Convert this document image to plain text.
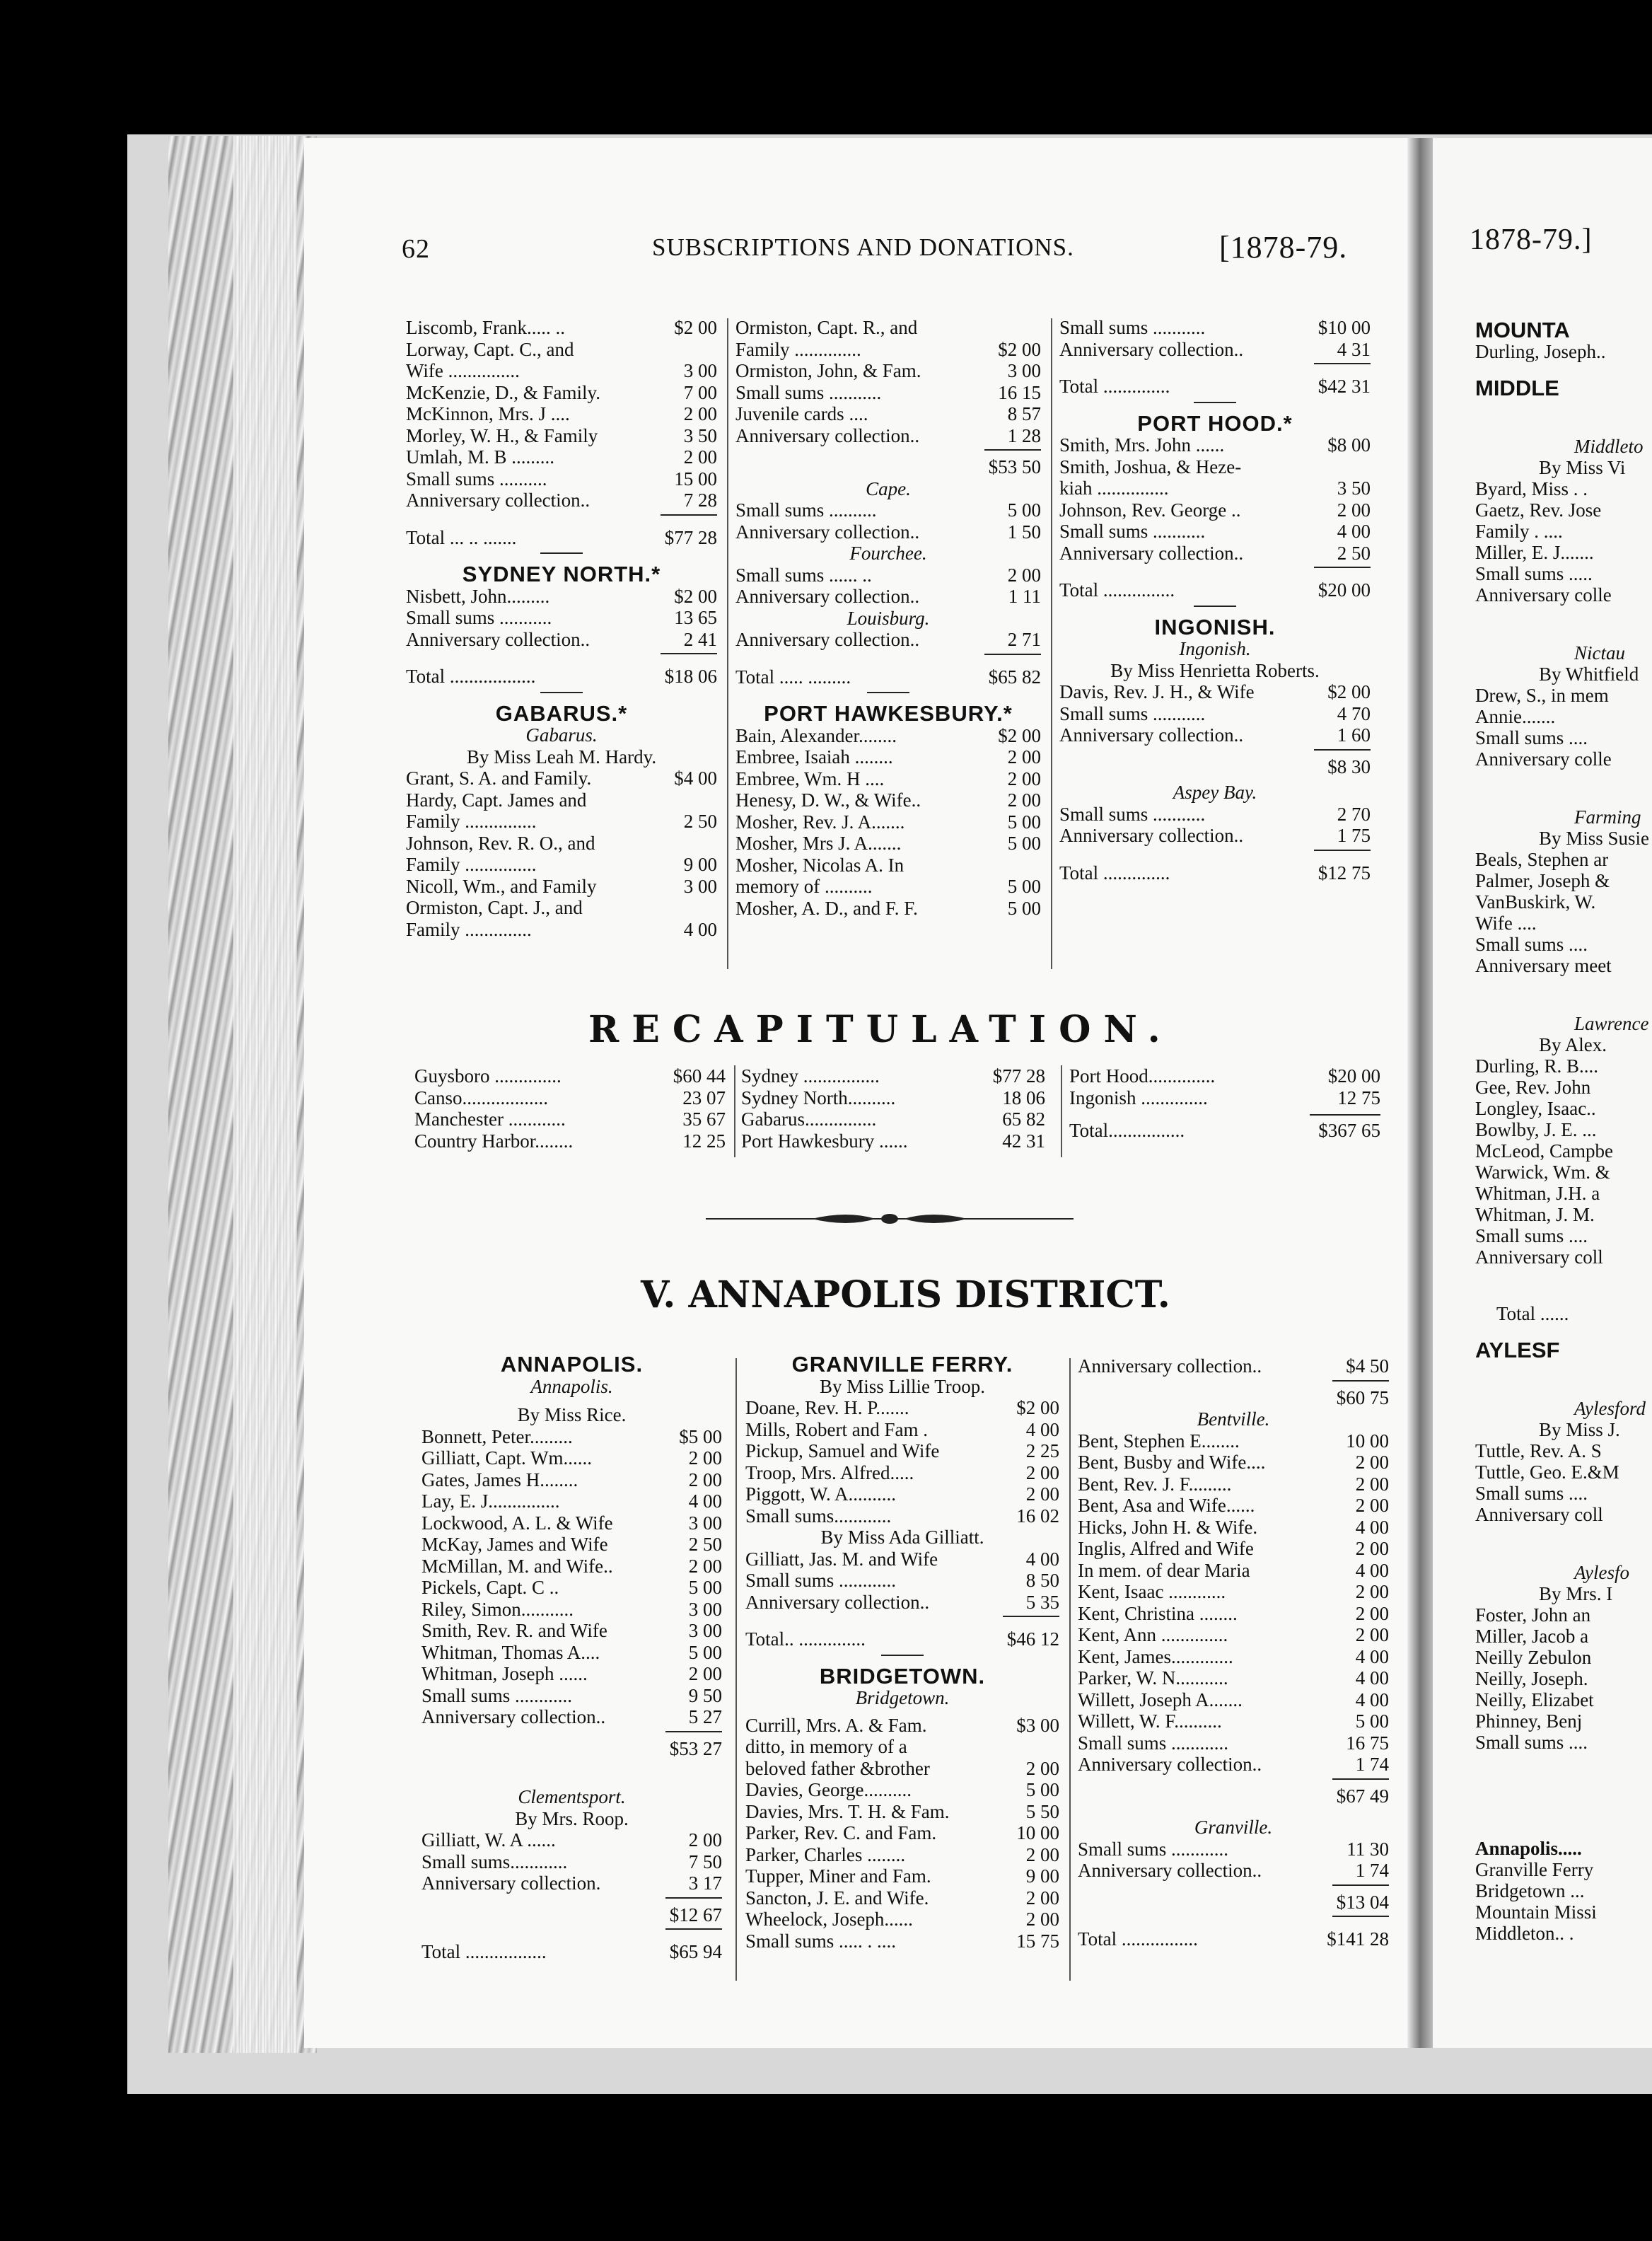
62	SUBSCRIPTIONS AND DONATIONS.	[1878-79.
Liscomb, Frank..... ..	$2 00
Lorway, Capt. C., and
Wife ...............	3 00
McKenzie, D., & Family.	7 00
McKinnon, Mrs. J ....	2 00
Morley, W. H., & Family	3 50
Umlah, M. B .........	2 00
Small sums ..........	15 00
Anniversary collection..	7 28
Total ... .. .......	$77 28
SYDNEY NORTH.*
Nisbett, John.........	$2 00
Small sums ...........	13 65
Anniversary collection..	2 41
Total ..................	$18 06
GABARUS.*
Gabarus.
By Miss Leah M. Hardy.
Grant, S. A. and Family.	$4 00
Hardy, Capt. James and
Family ...............	2 50
Johnson, Rev. R. O., and
Family ...............	9 00
Nicoll, Wm., and Family	3 00
Ormiston, Capt. J., and
Family ..............	4 00
Ormiston, Capt. R., and
Family ..............	$2 00
Ormiston, John, & Fam.	3 00
Small sums ...........	16 15
Juvenile cards ....	8 57
Anniversary collection..	1 28
$53 50
Cape.
Small sums ..........	5 00
Anniversary collection..	1 50
Fourchee.
Small sums ...... ..	2 00
Anniversary collection..	1 11
Louisburg.
Anniversary collection..	2 71
Total ..... .........	$65 82
PORT HAWKESBURY.*
Bain, Alexander........	$2 00
Embree, Isaiah ........	2 00
Embree, Wm. H ....	2 00
Henesy, D. W., & Wife..	2 00
Mosher, Rev. J. A.......	5 00
Mosher, Mrs J. A.......	5 00
Mosher, Nicolas A. In
memory of ..........	5 00
Mosher, A. D., and F. F.	5 00
Small sums ...........	$10 00
Anniversary collection..	4 31
Total ..............	$42 31
PORT HOOD.*
Smith, Mrs. John ......	$8 00
Smith, Joshua, & Heze-
kiah ...............	3 50
Johnson, Rev. George ..	2 00
Small sums ...........	4 00
Anniversary collection..	2 50
Total ...............	$20 00
INGONISH.
Ingonish.
By Miss Henrietta Roberts.
Davis, Rev. J. H., & Wife	$2 00
Small sums ...........	4 70
Anniversary collection..	1 60
$8 30
Aspey Bay.
Small sums ...........	2 70
Anniversary collection..	1 75
Total ..............	$12 75
RECAPITULATION.
Guysboro ..............	$60 44
Canso..................	23 07
Manchester ............	35 67
Country Harbor........	12 25
Sydney ................	$77 28
Sydney North..........	18 06
Gabarus...............	65 82
Port Hawkesbury ......	42 31
Port Hood..............	$20 00
Ingonish ..............	12 75
Total................	$367 65
V. ANNAPOLIS DISTRICT.
ANNAPOLIS.
Annapolis.
By Miss Rice.
Bonnett, Peter.........	$5 00
Gilliatt, Capt. Wm......	2 00
Gates, James H........	2 00
Lay, E. J...............	4 00
Lockwood, A. L. & Wife	3 00
McKay, James and Wife	2 50
McMillan, M. and Wife..	2 00
Pickels, Capt. C ..	5 00
Riley, Simon...........	3 00
Smith, Rev. R. and Wife	3 00
Whitman, Thomas A....	5 00
Whitman, Joseph ......	2 00
Small sums ............	9 50
Anniversary collection..	5 27
$53 27
Clementsport.
By Mrs. Roop.
Gilliatt, W. A ......	2 00
Small sums............	7 50
Anniversary collection.	3 17
$12 67
Total .................	$65 94
GRANVILLE FERRY.
By Miss Lillie Troop.
Doane, Rev. H. P.......	$2 00
Mills, Robert and Fam .	4 00
Pickup, Samuel and Wife	2 25
Troop, Mrs. Alfred.....	2 00
Piggott, W. A..........	2 00
Small sums............	16 02
By Miss Ada Gilliatt.
Gilliatt, Jas. M. and Wife	4 00
Small sums ............	8 50
Anniversary collection..	5 35
Total.. ..............	$46 12
BRIDGETOWN.
Bridgetown.
Currill, Mrs. A. & Fam.	$3 00
ditto, in memory of a
beloved father &brother	2 00
Davies, George..........	5 00
Davies, Mrs. T. H. & Fam.	5 50
Parker, Rev. C. and Fam.	10 00
Parker, Charles ........	2 00
Tupper, Miner and Fam.	9 00
Sancton, J. E. and Wife.	2 00
Wheelock, Joseph......	2 00
Small sums ..... . ....	15 75
Anniversary collection..	$4 50
$60 75
Bentville.
Bent, Stephen E........	10 00
Bent, Busby and Wife....	2 00
Bent, Rev. J. F.........	2 00
Bent, Asa and Wife......	2 00
Hicks, John H. & Wife.	4 00
Inglis, Alfred and Wife	2 00
In mem. of dear Maria	4 00
Kent, Isaac ............	2 00
Kent, Christina ........	2 00
Kent, Ann ..............	2 00
Kent, James.............	4 00
Parker, W. N...........	4 00
Willett, Joseph A.......	4 00
Willett, W. F..........	5 00
Small sums ............	16 75
Anniversary collection..	1 74
$67 49
Granville.
Small sums ............	11 30
Anniversary collection..	1 74
$13 04
Total ................	$141 28
1878-79.]
MOUNTA
Durling, Joseph..
MIDDLE
Middleto
By Miss Vi
Byard, Miss . .
Gaetz, Rev. Jose
Family . ....
Miller, E. J.......
Small sums .....
Anniversary colle
Nictau
By Whitfield
Drew, S., in mem
Annie.......
Small sums ....
Anniversary colle
Farming
By Miss Susie
Beals, Stephen ar
Palmer, Joseph &
VanBuskirk, W.
Wife ....
Small sums ....
Anniversary meet
Lawrence
By Alex.
Durling, R. B....
Gee, Rev. John
Longley, Isaac..
Bowlby, J. E. ...
McLeod, Campbe
Warwick, Wm. &
Whitman, J.H. a
Whitman, J. M.
Small sums ....
Anniversary coll
Total ......
AYLESF
Aylesford
By Miss J.
Tuttle, Rev. A. S
Tuttle, Geo. E.&M
Small sums ....
Anniversary coll
Aylesfo
By Mrs. I
Foster, John an
Miller, Jacob a
Neilly Zebulon
Neilly, Joseph.
Neilly, Elizabet
Phinney, Benj
Small sums ....
Annapolis.....
Granville Ferry
Bridgetown ...
Mountain Missi
Middleton.. .
